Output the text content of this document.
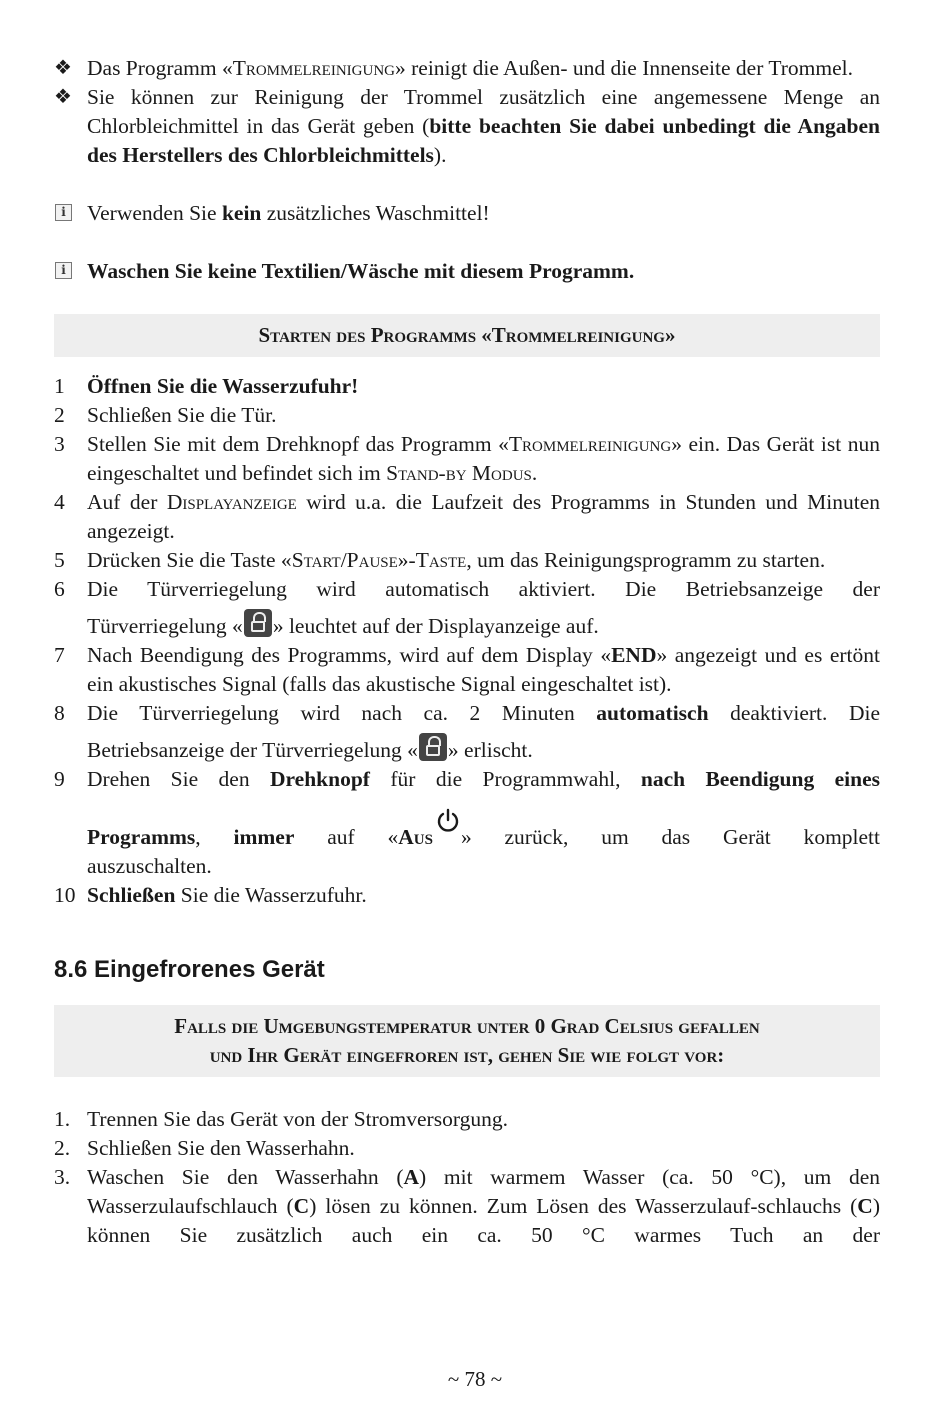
❖ Das Programm «Trommelreinigung» reinigt die Außen- und die Innenseite der Trommel.
❖ Sie können zur Reinigung der Trommel zusätzlich eine angemessene Menge an Chlorbleichmittel in das Gerät geben (bitte beachten Sie dabei unbedingt die Angaben des Herstellers des Chlorbleichmittels).
i Verwenden Sie kein zusätzliches Waschmittel!
i Waschen Sie keine Textilien/Wäsche mit diesem Programm.
Starten des Programms «Trommelreinigung»
1 Öffnen Sie die Wasserzufuhr!
2 Schließen Sie die Tür.
3 Stellen Sie mit dem Drehknopf das Programm «Trommelreinigung» ein. Das Gerät ist nun eingeschaltet und befindet sich im Stand-by Modus.
4 Auf der Displayanzeige wird u.a. die Laufzeit des Programms in Stunden und Minuten angezeigt.
5 Drücken Sie die Taste «Start/Pause»-Taste, um das Reinigungsprogramm zu starten.
6 Die Türverriegelung wird automatisch aktiviert. Die Betriebsanzeige der
Türverriegelung « » leuchtet auf der Displayanzeige auf.
7 Nach Beendigung des Programms, wird auf dem Display «END» angezeigt und es ertönt ein akustisches Signal (falls das akustische Signal eingeschaltet ist).
8 Die Türverriegelung wird nach ca. 2 Minuten automatisch deaktiviert. Die
Betriebsanzeige der Türverriegelung « » erlischt.
9 Drehen Sie den Drehknopf für die Programmwahl, nach Beendigung eines
Programms, immer auf «Aus » zurück, um das Gerät komplett
auszuschalten.
10 Schließen Sie die Wasserzufuhr.
8.6 Eingefrorenes Gerät
Falls die Umgebungstemperatur unter 0 Grad Celsius gefallen
und Ihr Gerät eingefroren ist, gehen Sie wie folgt vor:
1. Trennen Sie das Gerät von der Stromversorgung.
2. Schließen Sie den Wasserhahn.
3. Waschen Sie den Wasserhahn (A) mit warmem Wasser (ca. 50 °C), um den Wasserzulaufschlauch (C) lösen zu können. Zum Lösen des Wasserzulauf-schlauchs (C) können Sie zusätzlich auch ein ca. 50 °C warmes Tuch an der
~ 78 ~
